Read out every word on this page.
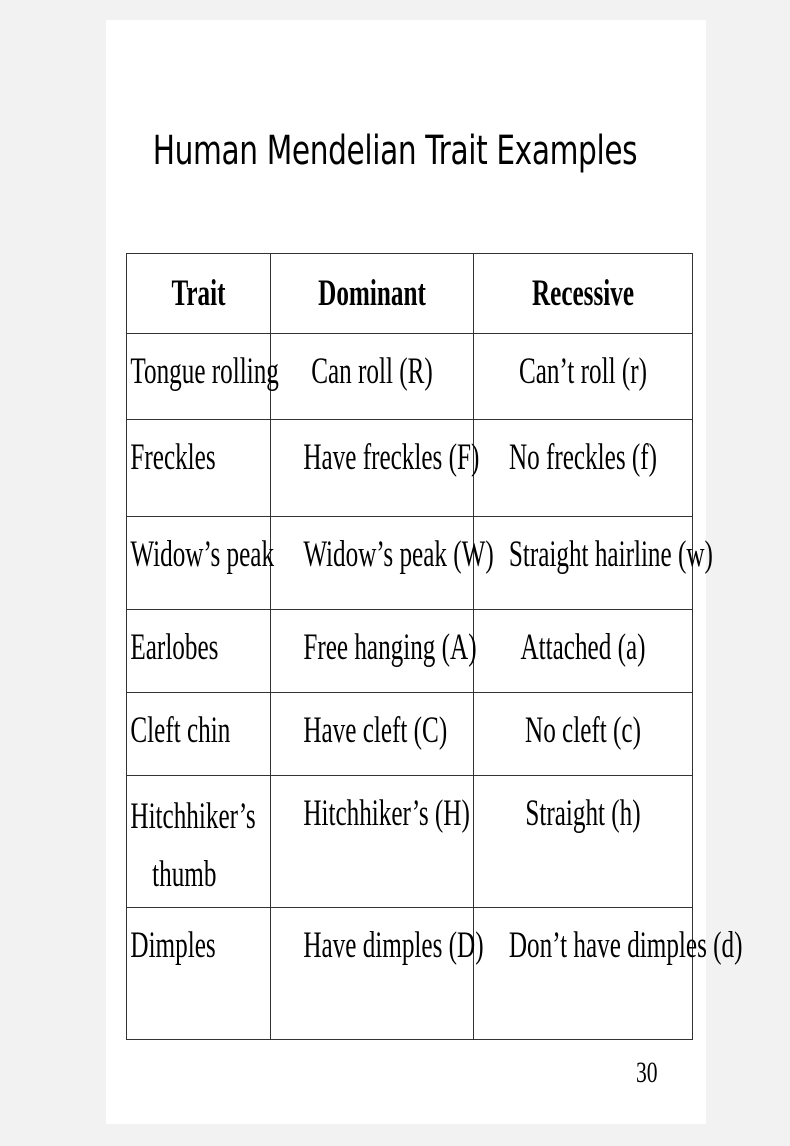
Human Mendelian Trait Examples
Trait	Dominant	Recessive

Tongue rolling	Can roll (R)	Can’t roll (r)

Freckles	Have freckles (F)	No freckles (f)

Widow’s peak	Widow’s peak (W)	Straight hairline (w)

Earlobes	Free hanging (A)	Attached (a)

Cleft chin	Have cleft (C)	No cleft (c)

Hitchhiker’s
thumb	Hitchhiker’s (H)	Straight (h)

Dimples	Have dimples (D)	Don’t have dimples (d)
30
